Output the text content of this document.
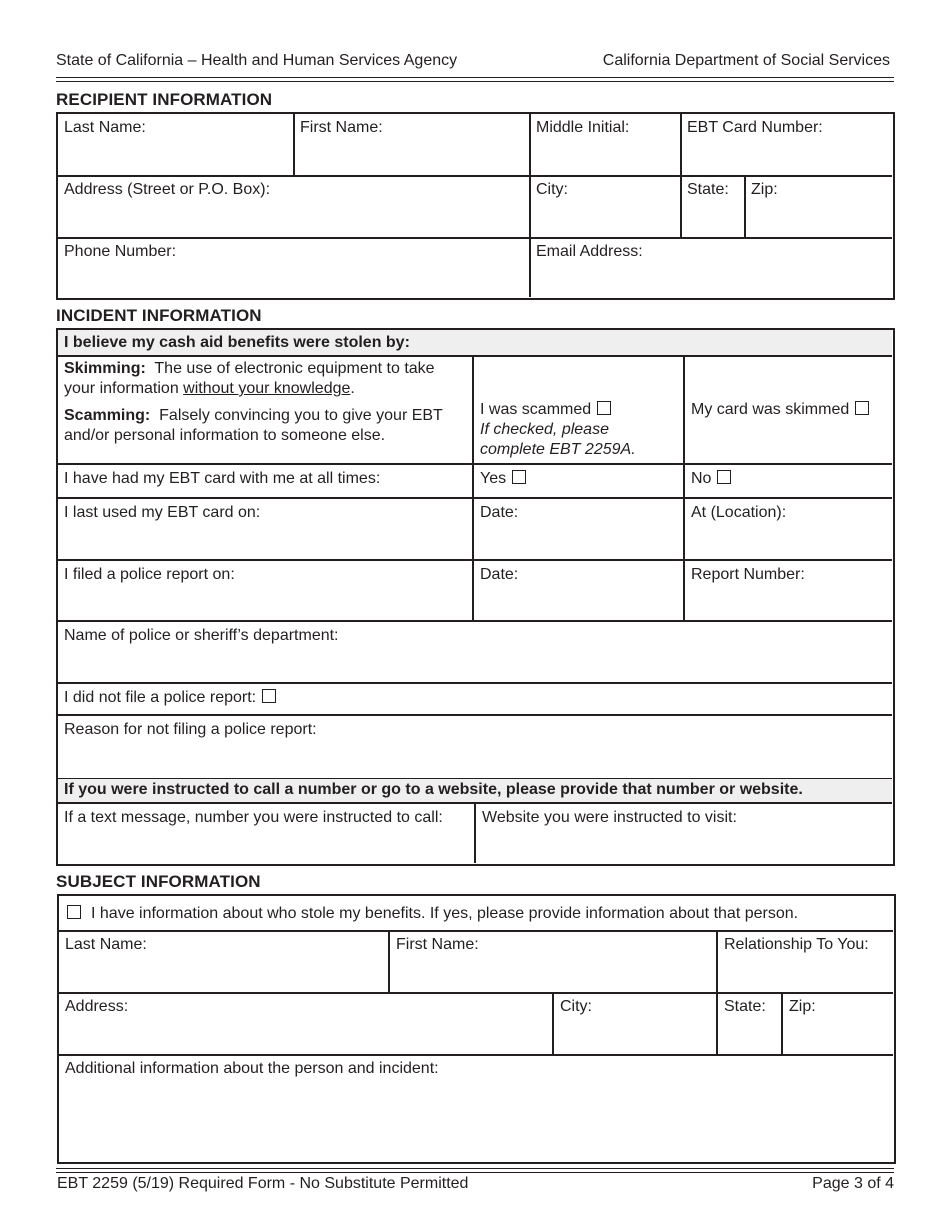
State of California – Health and Human Services Agency	California Department of Social Services
RECIPIENT INFORMATION
Last Name:	First Name:	Middle Initial:	EBT Card Number:
Address (Street or P.O. Box):	City:	State:	Zip:
Phone Number:	Email Address:
INCIDENT INFORMATION
I believe my cash aid benefits were stolen by:
Skimming: The use of electronic equipment to take your information without your knowledge.
Scamming: Falsely convincing you to give your EBT and/or personal information to someone else.
I was scammed
If checked, please complete EBT 2259A.
My card was skimmed
I have had my EBT card with me at all times:	Yes	No
I last used my EBT card on:	Date:	At (Location):
I filed a police report on:	Date:	Report Number:
Name of police or sheriff’s department:
I did not file a police report:
Reason for not filing a police report:
If you were instructed to call a number or go to a website, please provide that number or website.
If a text message, number you were instructed to call:	Website you were instructed to visit:
SUBJECT INFORMATION
I have information about who stole my benefits. If yes, please provide information about that person.
Last Name:	First Name:	Relationship To You:
Address:	City:	State:	Zip:
Additional information about the person and incident:
EBT 2259 (5/19) Required Form - No Substitute Permitted	Page 3 of 4
